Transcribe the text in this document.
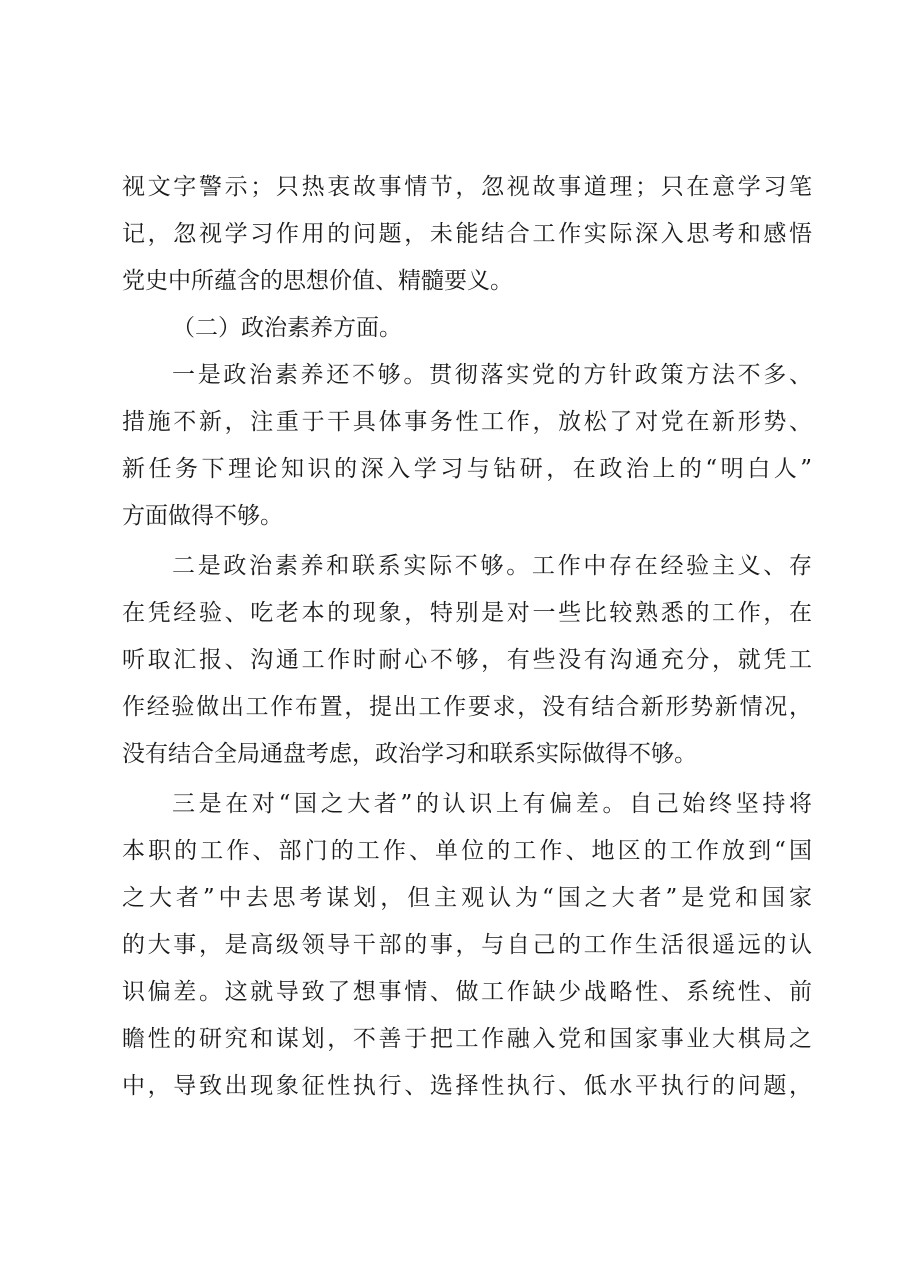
视文字警示；只热衷故事情节，忽视故事道理；只在意学习笔
记，忽视学习作用的问题，未能结合工作实际深入思考和感悟
党史中所蕴含的思想价值、精髓要义。
（二）政治素养方面。
一是政治素养还不够。贯彻落实党的方针政策方法不多、
措施不新，注重于干具体事务性工作，放松了对党在新形势、
新任务下理论知识的深入学习与钻研，在政治上的“明白人”
方面做得不够。
二是政治素养和联系实际不够。工作中存在经验主义、存
在凭经验、吃老本的现象，特别是对一些比较熟悉的工作，在
听取汇报、沟通工作时耐心不够，有些没有沟通充分，就凭工
作经验做出工作布置，提出工作要求，没有结合新形势新情况，
没有结合全局通盘考虑，政治学习和联系实际做得不够。
三是在对“国之大者”的认识上有偏差。自己始终坚持将
本职的工作、部门的工作、单位的工作、地区的工作放到“国
之大者”中去思考谋划，但主观认为“国之大者”是党和国家
的大事，是高级领导干部的事，与自己的工作生活很遥远的认
识偏差。这就导致了想事情、做工作缺少战略性、系统性、前
瞻性的研究和谋划，不善于把工作融入党和国家事业大棋局之
中，导致出现象征性执行、选择性执行、低水平执行的问题，
